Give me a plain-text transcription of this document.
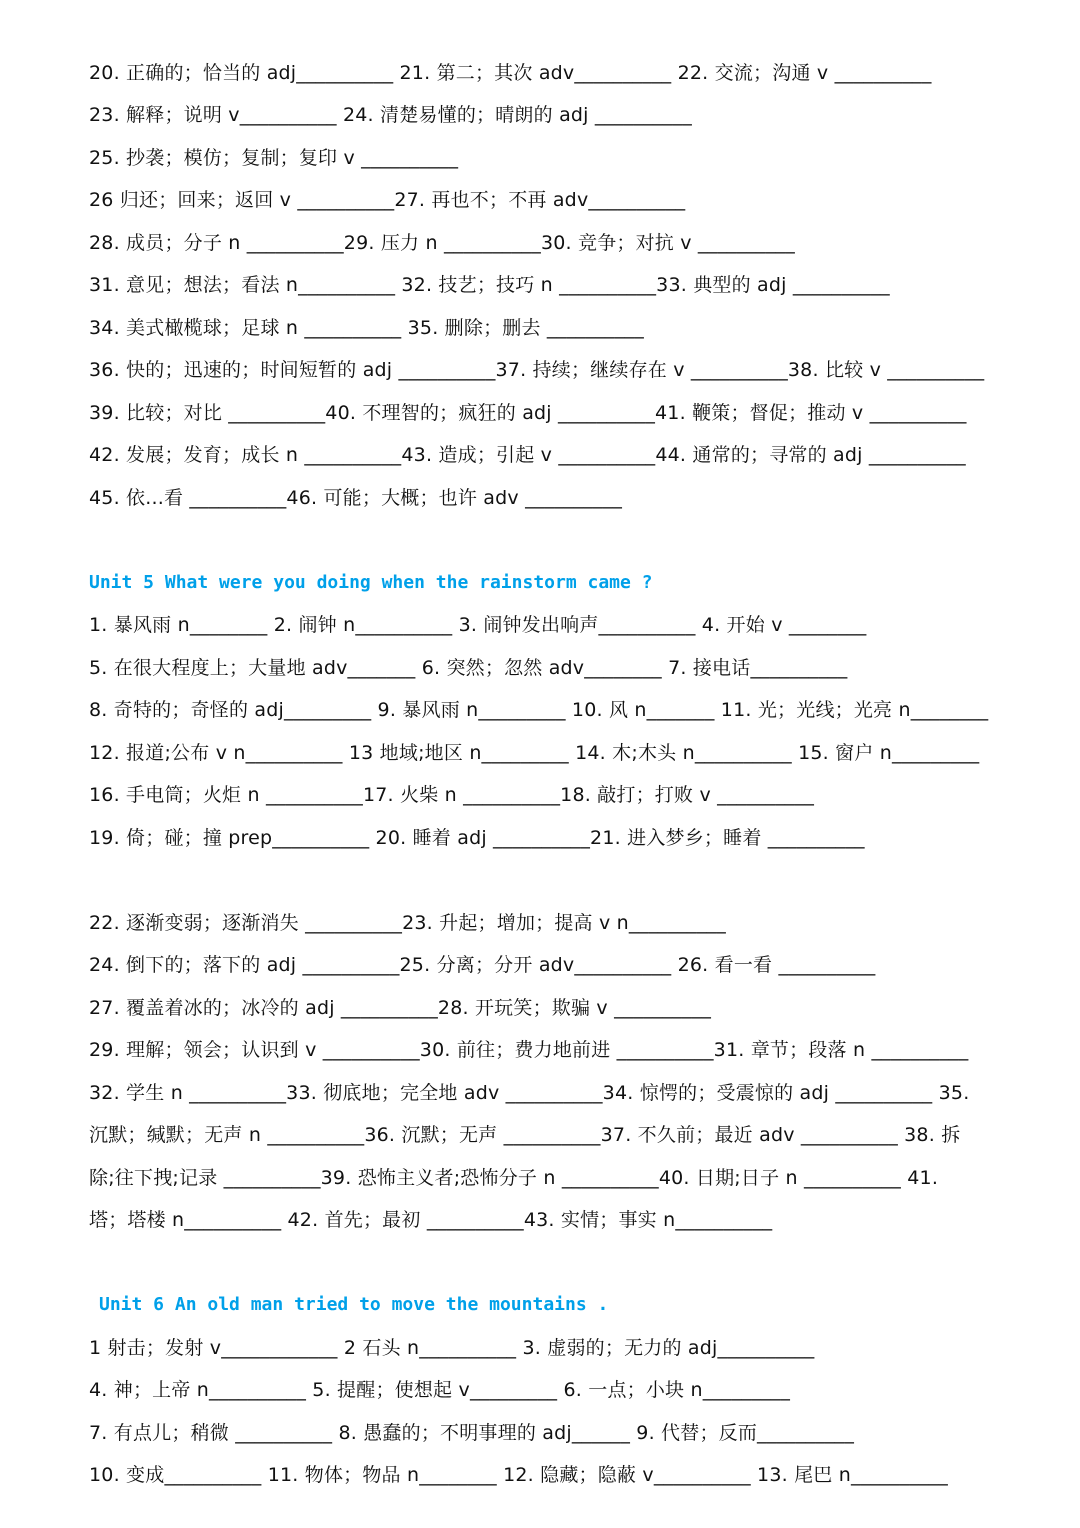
20. 正确的；恰当的 adj__________ 21. 第二；其次 adv__________ 22. 交流；沟通 v __________
23. 解释；说明 v__________ 24. 清楚易懂的；晴朗的 adj __________
25. 抄袭；模仿；复制；复印 v __________
26 归还；回来；返回 v __________27. 再也不；不再 adv__________
28. 成员；分子 n __________29. 压力 n __________30. 竞争；对抗 v __________
31. 意见；想法；看法 n__________ 32. 技艺；技巧 n __________33. 典型的 adj __________
34. 美式橄榄球；足球 n __________ 35. 删除；删去 __________
36. 快的；迅速的；时间短暂的 adj __________37. 持续；继续存在 v __________38. 比较 v __________
39. 比较；对比 __________40. 不理智的；疯狂的 adj __________41. 鞭策；督促；推动 v __________
42. 发展；发育；成长 n __________43. 造成；引起 v __________44. 通常的；寻常的 adj __________
45. 依...看 __________46. 可能；大概；也许 adv __________
Unit 5 What were you doing when the rainstorm came ?
1. 暴风雨 n________ 2. 闹钟 n__________ 3. 闹钟发出响声__________ 4. 开始 v ________
5. 在很大程度上；大量地 adv_______ 6. 突然；忽然 adv________ 7. 接电话__________
8. 奇特的；奇怪的 adj_________ 9. 暴风雨 n_________ 10. 风 n_______ 11. 光；光线；光亮 n________
12. 报道;公布 v n__________ 13 地域;地区 n_________ 14. 木;木头 n__________ 15. 窗户 n_________
16. 手电筒；火炬 n __________17. 火柴 n __________18. 敲打；打败 v __________
19. 倚；碰；撞 prep__________ 20. 睡着 adj __________21. 进入梦乡；睡着 __________
22. 逐渐变弱；逐渐消失 __________23. 升起；增加；提高 v n__________
24. 倒下的；落下的 adj __________25. 分离；分开 adv__________ 26. 看一看 __________
27. 覆盖着冰的；冰冷的 adj __________28. 开玩笑；欺骗 v __________
29. 理解；领会；认识到 v __________30. 前往；费力地前进 __________31. 章节；段落 n __________
32. 学生 n __________33. 彻底地；完全地 adv __________34. 惊愕的；受震惊的 adj __________ 35.
沉默；缄默；无声 n __________36. 沉默；无声 __________37. 不久前；最近 adv __________ 38. 拆
除;往下拽;记录 __________39. 恐怖主义者;恐怖分子 n __________40. 日期;日子 n __________ 41.
塔；塔楼 n__________ 42. 首先；最初 __________43. 实情；事实 n__________
Unit 6 An old man tried to move the mountains .
1 射击；发射 v____________ 2 石头 n__________ 3. 虚弱的；无力的 adj__________
4. 神；上帝 n__________ 5. 提醒；使想起 v_________ 6. 一点；小块 n_________
7. 有点儿；稍微 __________ 8. 愚蠢的；不明事理的 adj______ 9. 代替；反而__________
10. 变成__________ 11. 物体；物品 n________ 12. 隐藏；隐蔽 v__________ 13. 尾巴 n__________
